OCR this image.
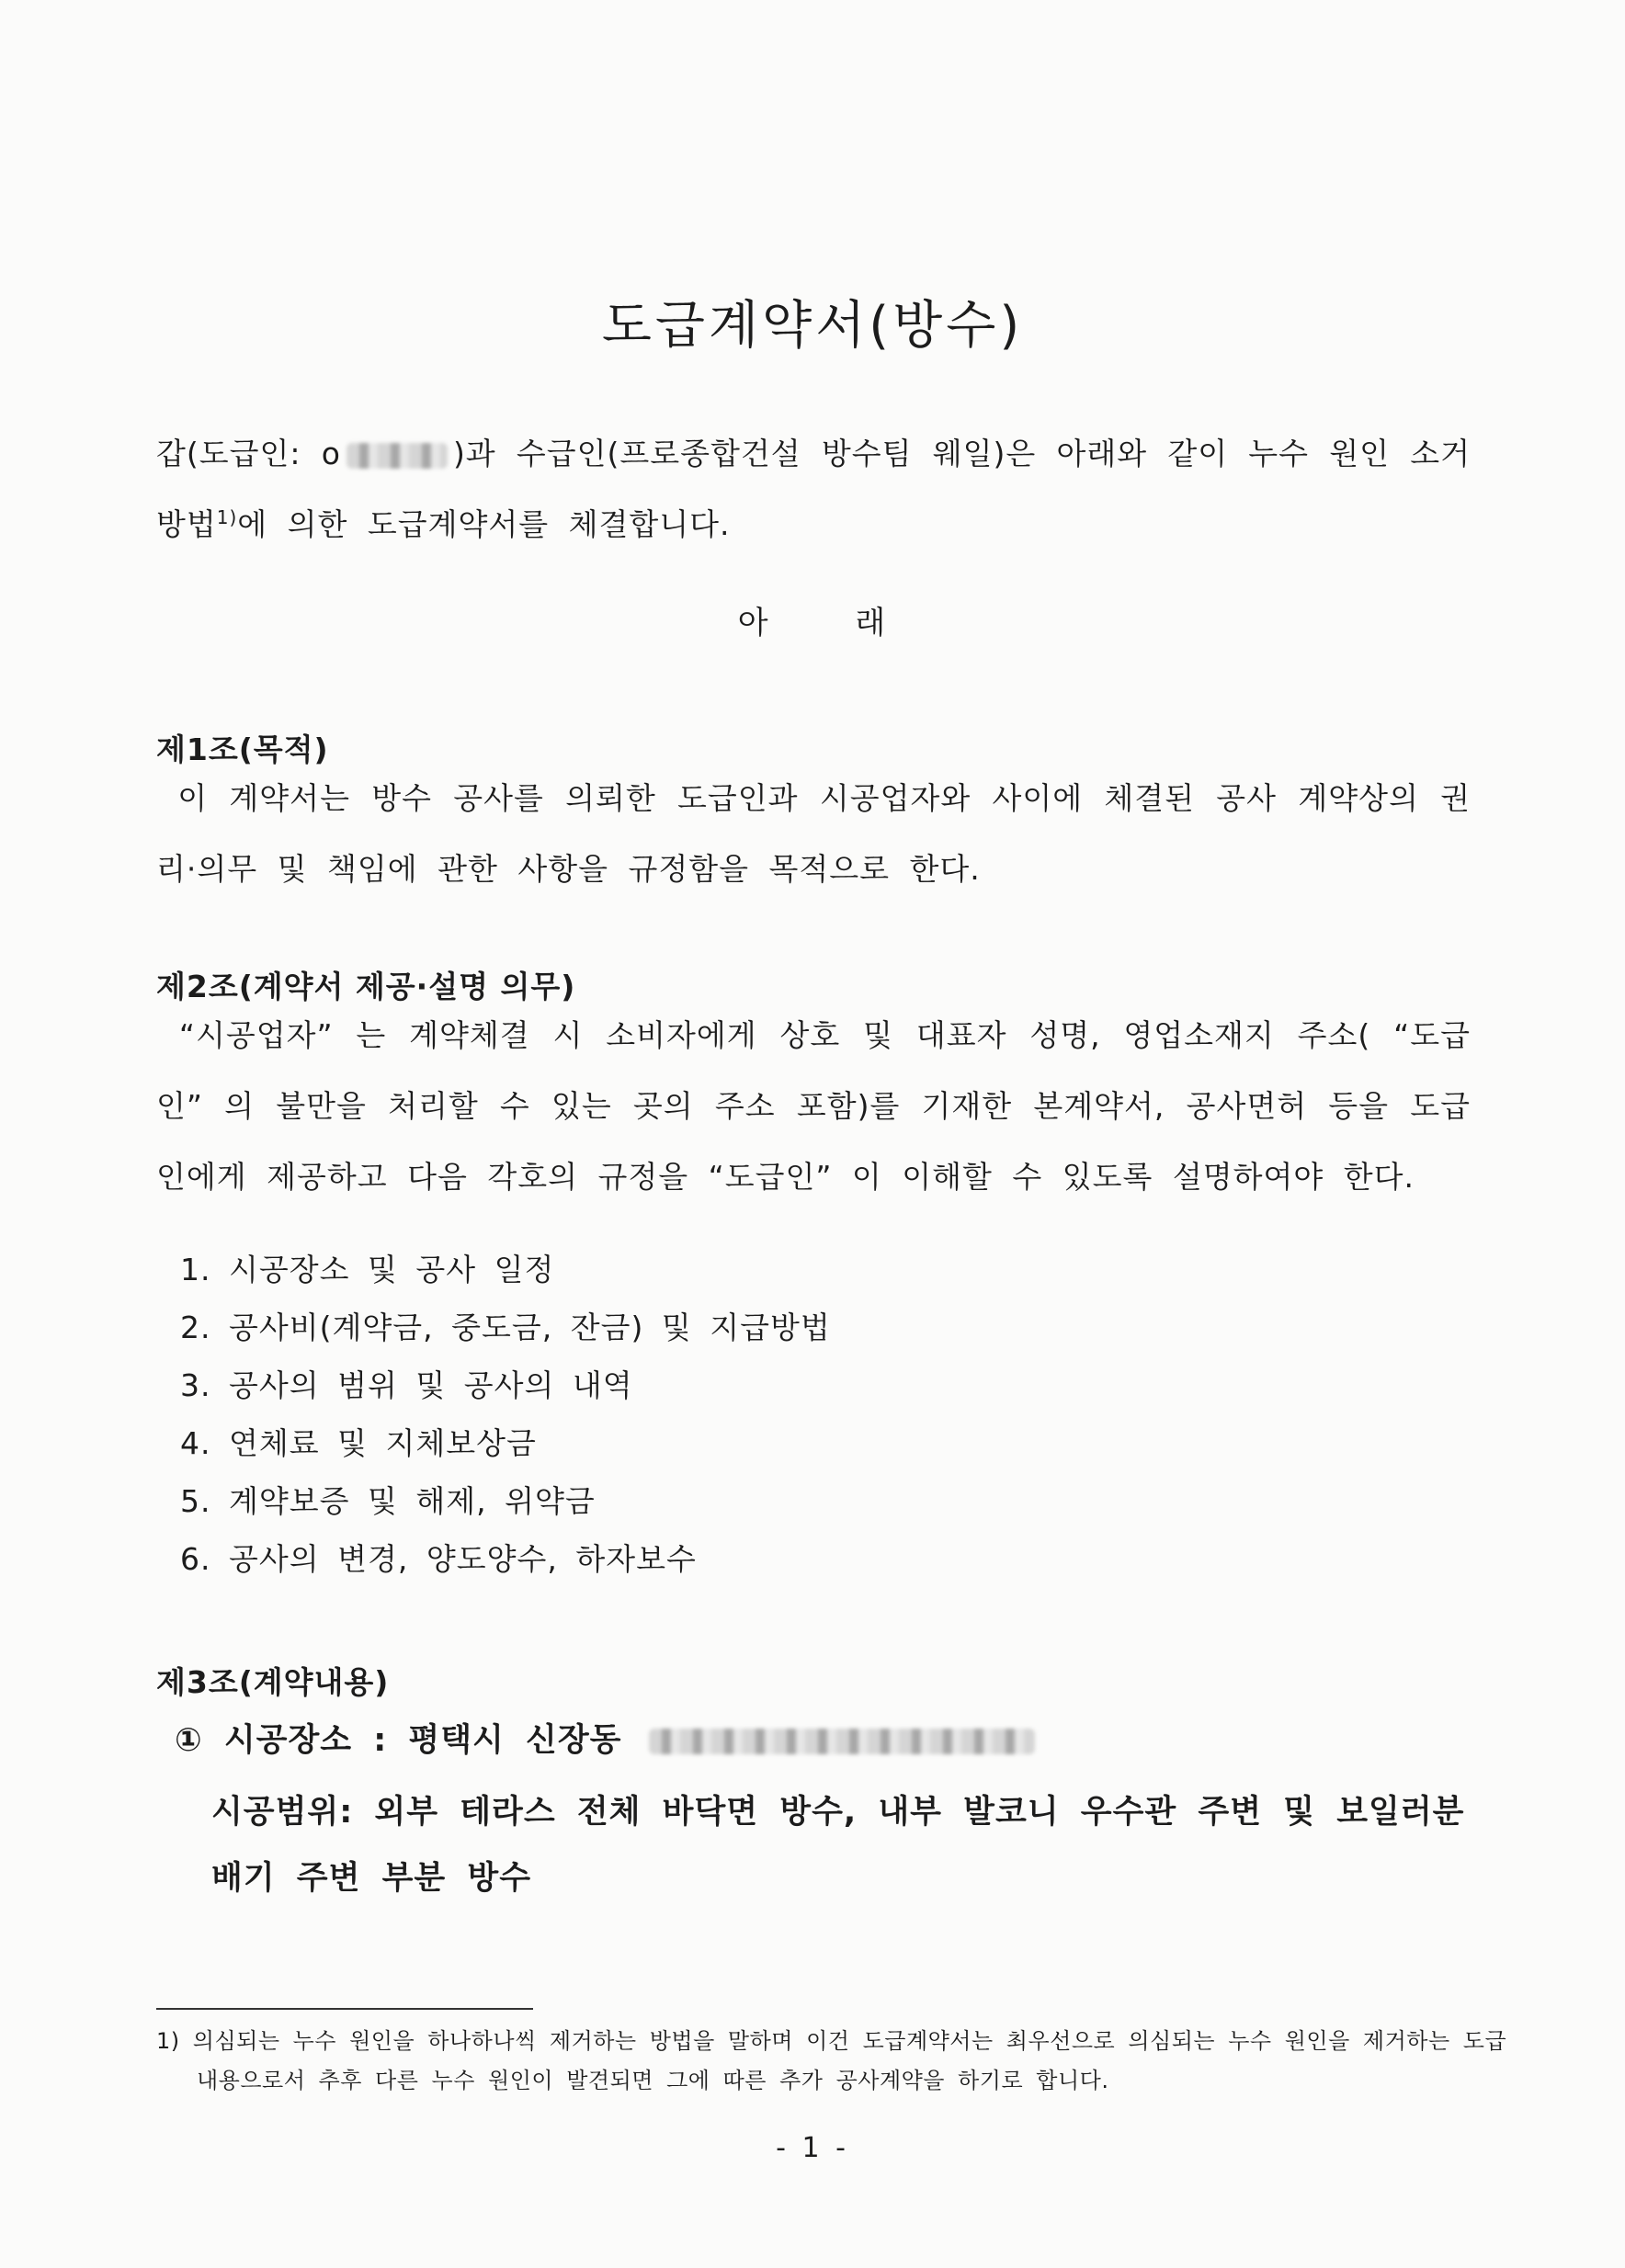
도급계약서(방수)
갑(도급인: o	)과 수급인(프로종합건설 방수팀 웨일)은 아래와 같이 누수 원인 소거방법$^{1)}$에 의한 도급계약서를 체결합니다.
아 래
제1조(목적)
이 계약서는 방수 공사를 의뢰한 도급인과 시공업자와 사이에 체결된 공사 계약상의 권리·의무 및 책임에 관한 사항을 규정함을 목적으로 한다.
제2조(계약서 제공·설명 의무)
“시공업자” 는 계약체결 시 소비자에게 상호 및 대표자 성명, 영업소재지 주소( “도급인” 의 불만을 처리할 수 있는 곳의 주소 포함)를 기재한 본계약서, 공사면허 등을 도급인에게 제공하고 다음 각호의 규정을 “도급인” 이 이해할 수 있도록 설명하여야 한다.
1. 시공장소 및 공사 일정
2. 공사비(계약금, 중도금, 잔금) 및 지급방법
3. 공사의 범위 및 공사의 내역
4. 연체료 및 지체보상금
5. 계약보증 및 해제, 위약금
6. 공사의 변경, 양도양수, 하자보수
제3조(계약내용)
① 시공장소 : 평택시 신장동
시공범위: 외부 테라스 전체 바닥면 방수, 내부 발코니 우수관 주변 및 보일러분배기 주변 부분 방수
1) 의심되는 누수 원인을 하나하나씩 제거하는 방법을 말하며 이건 도급계약서는 최우선으로 의심되는 누수 원인을 제거하는 도급내용으로서 추후 다른 누수 원인이 발견되면 그에 따른 추가 공사계약을 하기로 합니다.
- 1 -
